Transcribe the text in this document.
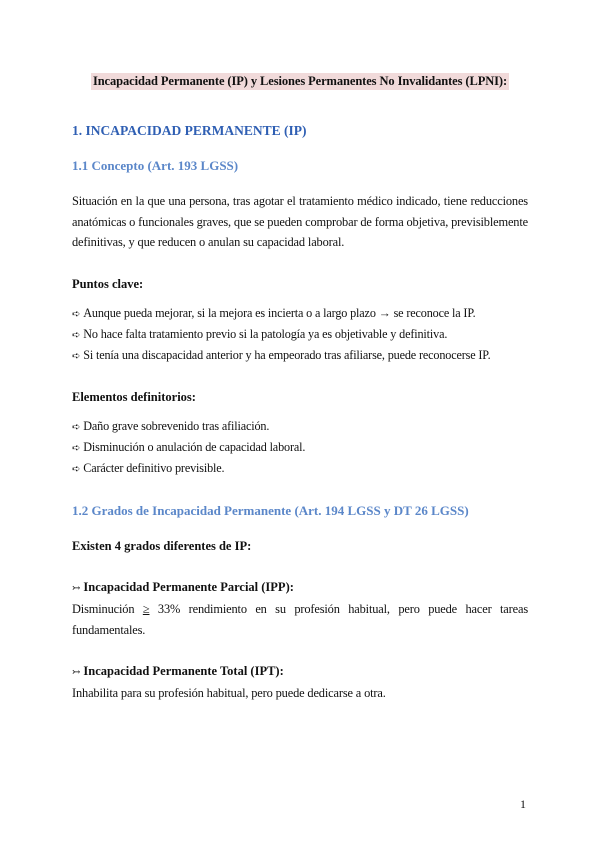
Incapacidad Permanente (IP) y Lesiones Permanentes No Invalidantes (LPNI):
1. INCAPACIDAD PERMANENTE (IP)
1.1 Concepto (Art. 193 LGSS)
Situación en la que una persona, tras agotar el tratamiento médico indicado, tiene reducciones anatómicas o funcionales graves, que se pueden comprobar de forma objetiva, previsiblemente definitivas, y que reducen o anulan su capacidad laboral.
Puntos clave:
➪ Aunque pueda mejorar, si la mejora es incierta o a largo plazo → se reconoce la IP.
➪ No hace falta tratamiento previo si la patología ya es objetivable y definitiva.
➪ Si tenía una discapacidad anterior y ha empeorado tras afiliarse, puede reconocerse IP.
Elementos definitorios:
➪ Daño grave sobrevenido tras afiliación.
➪ Disminución o anulación de capacidad laboral.
➪ Carácter definitivo previsible.
1.2 Grados de Incapacidad Permanente (Art. 194 LGSS y DT 26 LGSS)
Existen 4 grados diferentes de IP:
↣ Incapacidad Permanente Parcial (IPP):
Disminución ≥ 33% rendimiento en su profesión habitual, pero puede hacer tareas fundamentales.
↣ Incapacidad Permanente Total (IPT):
Inhabilita para su profesión habitual, pero puede dedicarse a otra.
1
